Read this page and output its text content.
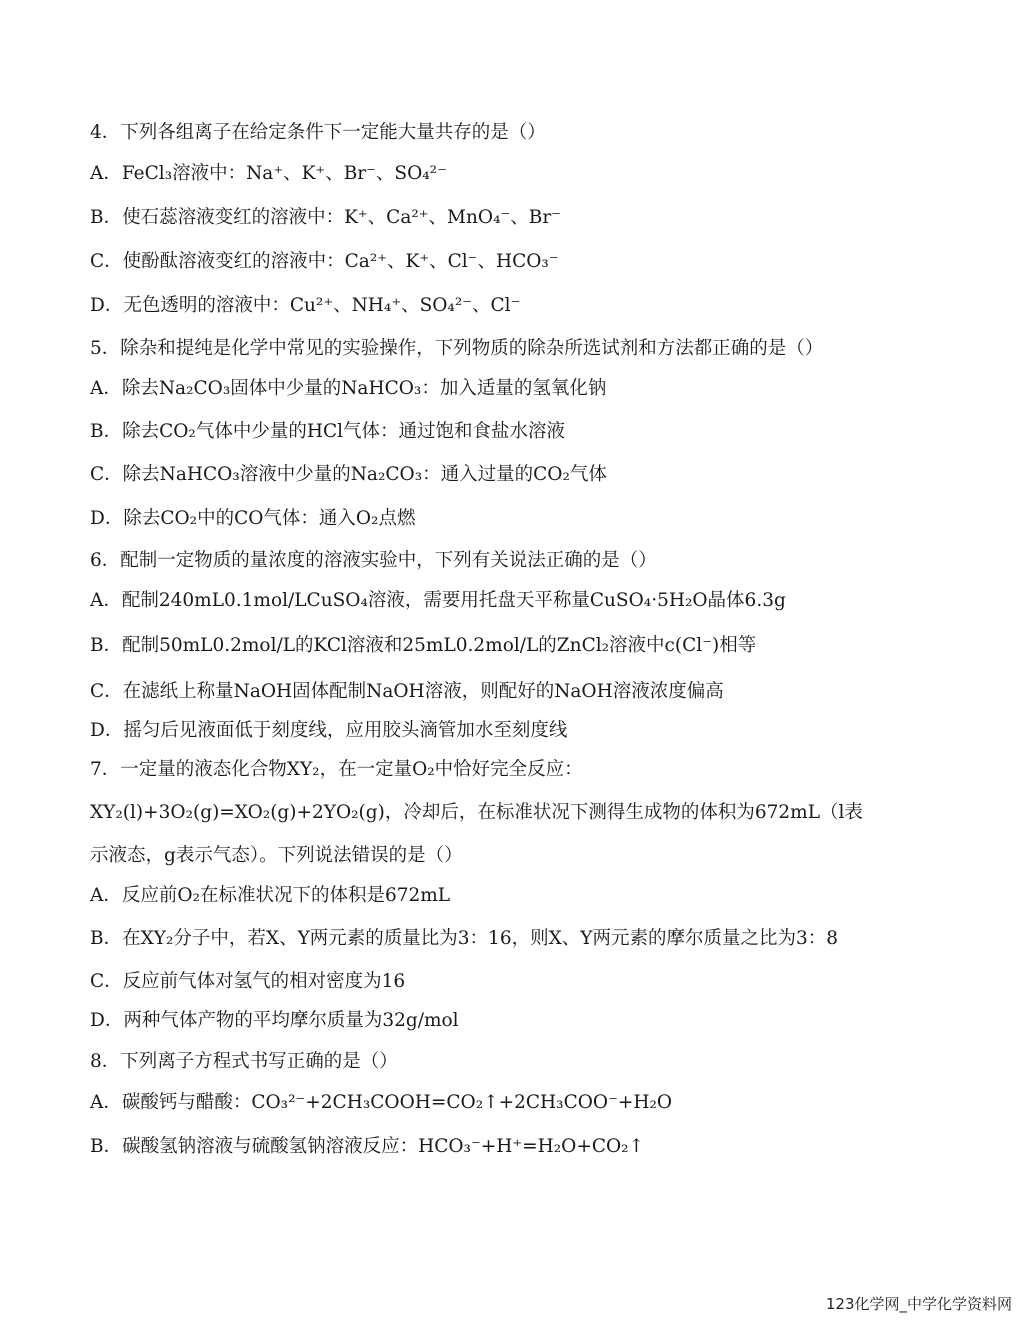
4．下列各组离子在给定条件下一定能大量共存的是（）
A．FeCl₃溶液中：Na⁺、K⁺、Br⁻、SO₄²⁻
B．使石蕊溶液变红的溶液中：K⁺、Ca²⁺、MnO₄⁻、Br⁻
C．使酚酞溶液变红的溶液中：Ca²⁺、K⁺、Cl⁻、HCO₃⁻
D．无色透明的溶液中：Cu²⁺、NH₄⁺、SO₄²⁻、Cl⁻
5．除杂和提纯是化学中常见的实验操作，下列物质的除杂所选试剂和方法都正确的是（）
A．除去Na₂CO₃固体中少量的NaHCO₃：加入适量的氢氧化钠
B．除去CO₂气体中少量的HCl气体：通过饱和食盐水溶液
C．除去NaHCO₃溶液中少量的Na₂CO₃：通入过量的CO₂气体
D．除去CO₂中的CO气体：通入O₂点燃
6．配制一定物质的量浓度的溶液实验中，下列有关说法正确的是（）
A．配制240mL0.1mol/LCuSO₄溶液，需要用托盘天平称量CuSO₄·5H₂O晶体6.3g
B．配制50mL0.2mol/L的KCl溶液和25mL0.2mol/L的ZnCl₂溶液中c(Cl⁻)相等
C．在滤纸上称量NaOH固体配制NaOH溶液，则配好的NaOH溶液浓度偏高
D．摇匀后见液面低于刻度线，应用胶头滴管加水至刻度线
7．一定量的液态化合物XY₂，在一定量O₂中恰好完全反应：
XY₂(l)+3O₂(g)=XO₂(g)+2YO₂(g)，冷却后，在标准状况下测得生成物的体积为672mL（l表
示液态，g表示气态）。下列说法错误的是（）
A．反应前O₂在标准状况下的体积是672mL
B．在XY₂分子中，若X、Y两元素的质量比为3：16，则X、Y两元素的摩尔质量之比为3：8
C．反应前气体对氢气的相对密度为16
D．两种气体产物的平均摩尔质量为32g/mol
8．下列离子方程式书写正确的是（）
A．碳酸钙与醋酸：CO₃²⁻+2CH₃COOH=CO₂↑+2CH₃COO⁻+H₂O
B．碳酸氢钠溶液与硫酸氢钠溶液反应：HCO₃⁻+H⁺=H₂O+CO₂↑
123化学网_中学化学资料网
